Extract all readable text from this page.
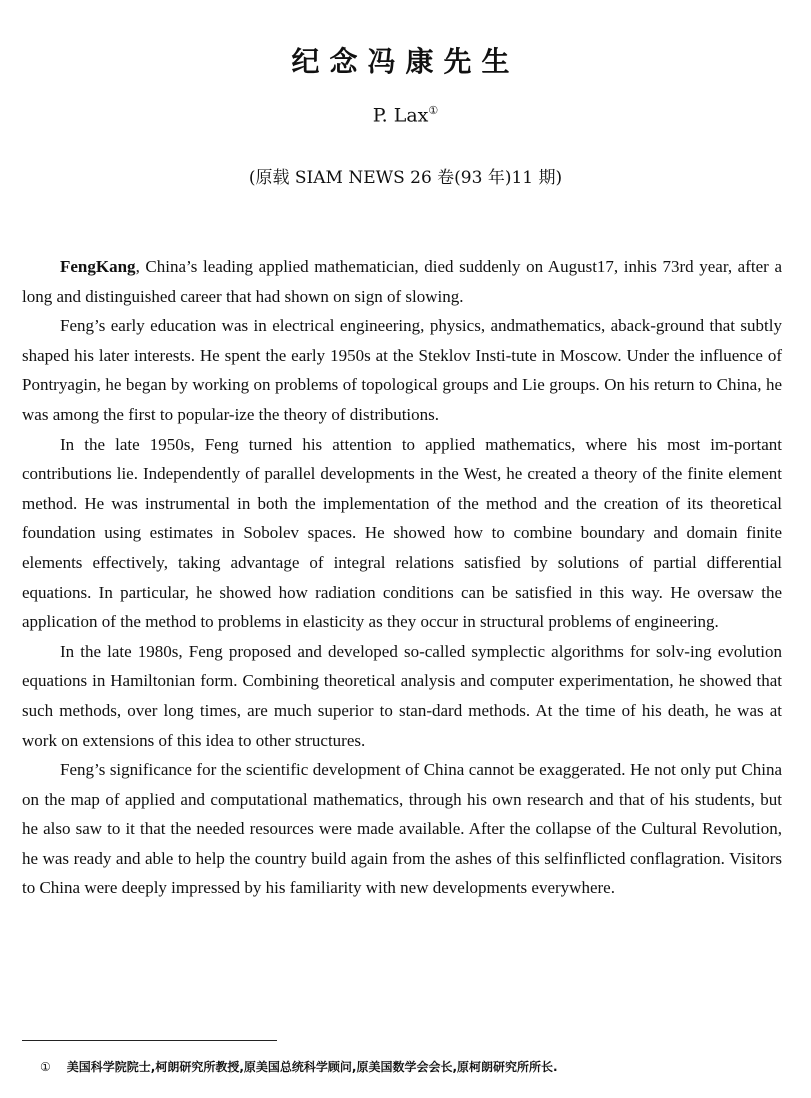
纪念冯康先生
P. Lax①
(原载 SIAM NEWS 26 卷(93 年)11 期)

FengKang, China’s leading applied mathematician, died suddenly on August17, inhis 73rd year, after a long and distinguished career that had shown on sign of slowing.

Feng’s early education was in electrical engineering, physics, andmathematics, aback-ground that subtly shaped his later interests. He spent the early 1950s at the Steklov Insti-tute in Moscow. Under the influence of Pontryagin, he began by working on problems of topological groups and Lie groups. On his return to China, he was among the first to popular-ize the theory of distributions.

In the late 1950s, Feng turned his attention to applied mathematics, where his most im-portant contributions lie. Independently of parallel developments in the West, he created a theory of the finite element method. He was instrumental in both the implementation of the method and the creation of its theoretical foundation using estimates in Sobolev spaces. He showed how to combine boundary and domain finite elements effectively, taking advantage of integral relations satisfied by solutions of partial differential equations. In particular, he showed how radiation conditions can be satisfied in this way. He oversaw the application of the method to problems in elasticity as they occur in structural problems of engineering.

In the late 1980s, Feng proposed and developed so-called symplectic algorithms for solv-ing evolution equations in Hamiltonian form. Combining theoretical analysis and computer experimentation, he showed that such methods, over long times, are much superior to stan-dard methods. At the time of his death, he was at work on extensions of this idea to other structures.

Feng’s significance for the scientific development of China cannot be exaggerated. He not only put China on the map of applied and computational mathematics, through his own research and that of his students, but he also saw to it that the needed resources were made available. After the collapse of the Cultural Revolution, he was ready and able to help the country build again from the ashes of this selfinflicted conflagration. Visitors to China were deeply impressed by his familiarity with new developments everywhere.

① 美国科学院院士,柯朗研究所教授,原美国总统科学顾问,原美国数学会会长,原柯朗研究所所长.
